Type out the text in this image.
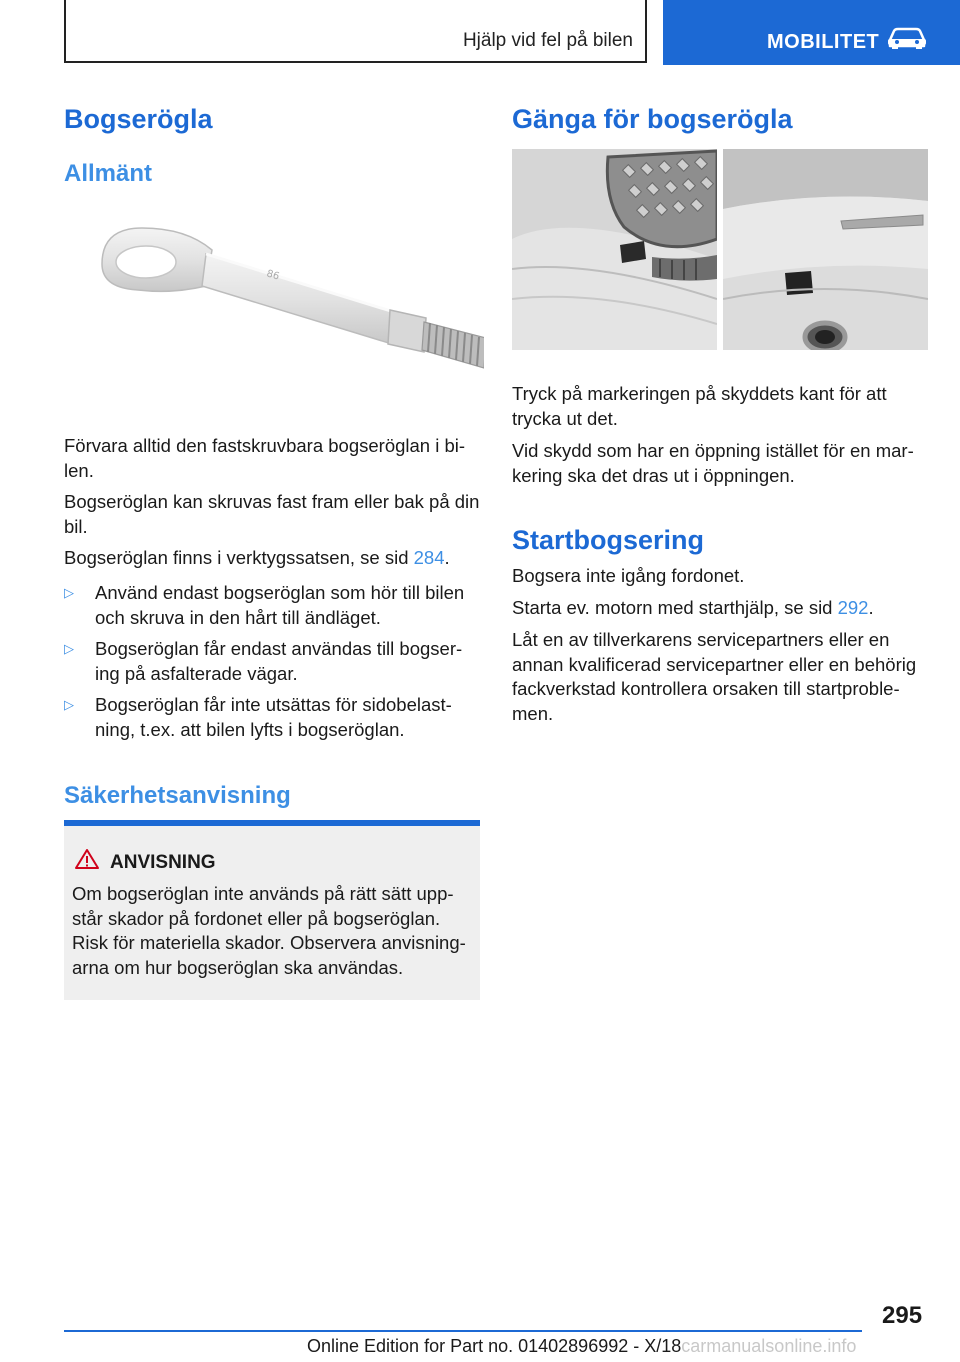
Hjälp vid fel på bilen	MOBILITET
Bogserögla
Allmänt
86

Förvara alltid den fastskruvbara bogseröglan i bi-len.

Bogseröglan kan skruvas fast fram eller bak på din bil.

Bogseröglan finns i verktygssatsen, se sid 284.

▷ Använd endast bogseröglan som hör till bilen och skruva in den hårt till ändläget.
▷ Bogseröglan får endast användas till bogser-ing på asfalterade vägar.
▷ Bogseröglan får inte utsättas för sidobelast-ning, t.ex. att bilen lyfts i bogseröglan.
Säkerhetsanvisning
ANVISNING
Om bogseröglan inte används på rätt sätt upp-står skador på fordonet eller på bogseröglan. Risk för materiella skador. Observera anvisning-arna om hur bogseröglan ska användas.
Gänga för bogserögla

Tryck på markeringen på skyddets kant för att trycka ut det.

Vid skydd som har en öppning istället för en mar-kering ska det dras ut i öppningen.

Startbogsering

Bogsera inte igång fordonet.

Starta ev. motorn med starthjälp, se sid 292.

Låt en av tillverkarens servicepartners eller en annan kvalificerad servicepartner eller en behörig fackverkstad kontrollera orsaken till startproble-men.

295
Online Edition for Part no. 01402896992 - X/18carmanualsonline.info
